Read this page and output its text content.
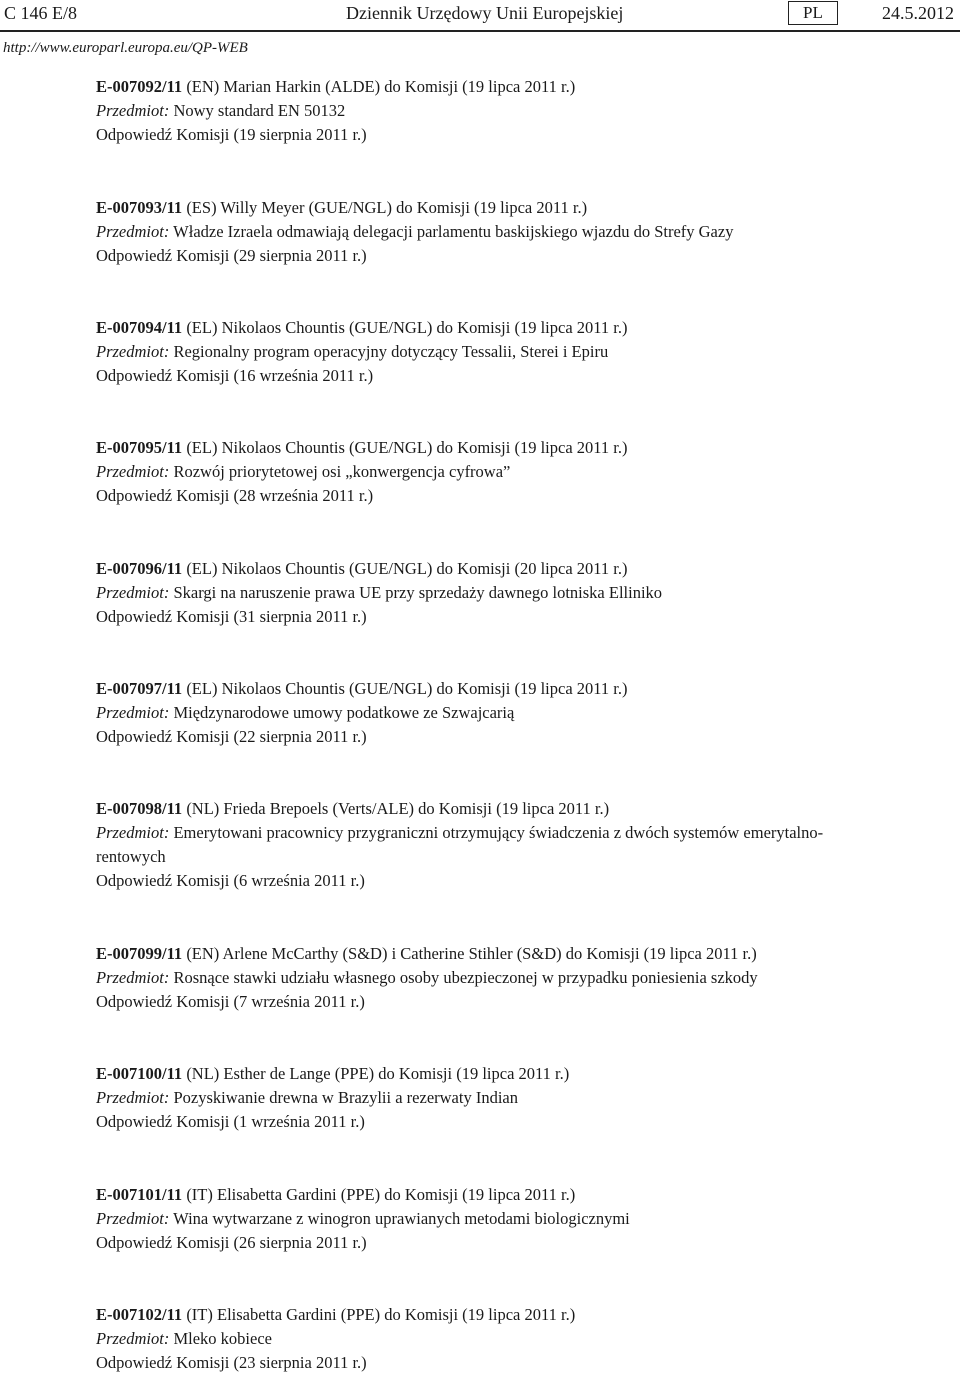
C 146 E/8	Dziennik Urzędowy Unii Europejskiej	PL	24.5.2012
http://www.europarl.europa.eu/QP-WEB
E-007092/11 (EN) Marian Harkin (ALDE) do Komisji (19 lipca 2011 r.)
Przedmiot: Nowy standard EN 50132
Odpowiedź Komisji (19 sierpnia 2011 r.)
E-007093/11 (ES) Willy Meyer (GUE/NGL) do Komisji (19 lipca 2011 r.)
Przedmiot: Władze Izraela odmawiają delegacji parlamentu baskijskiego wjazdu do Strefy Gazy
Odpowiedź Komisji (29 sierpnia 2011 r.)
E-007094/11 (EL) Nikolaos Chountis (GUE/NGL) do Komisji (19 lipca 2011 r.)
Przedmiot: Regionalny program operacyjny dotyczący Tessalii, Sterei i Epiru
Odpowiedź Komisji (16 września 2011 r.)
E-007095/11 (EL) Nikolaos Chountis (GUE/NGL) do Komisji (19 lipca 2011 r.)
Przedmiot: Rozwój priorytetowej osi „konwergencja cyfrowa”
Odpowiedź Komisji (28 września 2011 r.)
E-007096/11 (EL) Nikolaos Chountis (GUE/NGL) do Komisji (20 lipca 2011 r.)
Przedmiot: Skargi na naruszenie prawa UE przy sprzedaży dawnego lotniska Elliniko
Odpowiedź Komisji (31 sierpnia 2011 r.)
E-007097/11 (EL) Nikolaos Chountis (GUE/NGL) do Komisji (19 lipca 2011 r.)
Przedmiot: Międzynarodowe umowy podatkowe ze Szwajcarią
Odpowiedź Komisji (22 sierpnia 2011 r.)
E-007098/11 (NL) Frieda Brepoels (Verts/ALE) do Komisji (19 lipca 2011 r.)
Przedmiot: Emerytowani pracownicy przygraniczni otrzymujący świadczenia z dwóch systemów emerytalno-rentowych
Odpowiedź Komisji (6 września 2011 r.)
E-007099/11 (EN) Arlene McCarthy (S&D) i Catherine Stihler (S&D) do Komisji (19 lipca 2011 r.)
Przedmiot: Rosnące stawki udziału własnego osoby ubezpieczonej w przypadku poniesienia szkody
Odpowiedź Komisji (7 września 2011 r.)
E-007100/11 (NL) Esther de Lange (PPE) do Komisji (19 lipca 2011 r.)
Przedmiot: Pozyskiwanie drewna w Brazylii a rezerwaty Indian
Odpowiedź Komisji (1 września 2011 r.)
E-007101/11 (IT) Elisabetta Gardini (PPE) do Komisji (19 lipca 2011 r.)
Przedmiot: Wina wytwarzane z winogron uprawianych metodami biologicznymi
Odpowiedź Komisji (26 sierpnia 2011 r.)
E-007102/11 (IT) Elisabetta Gardini (PPE) do Komisji (19 lipca 2011 r.)
Przedmiot: Mleko kobiece
Odpowiedź Komisji (23 sierpnia 2011 r.)
